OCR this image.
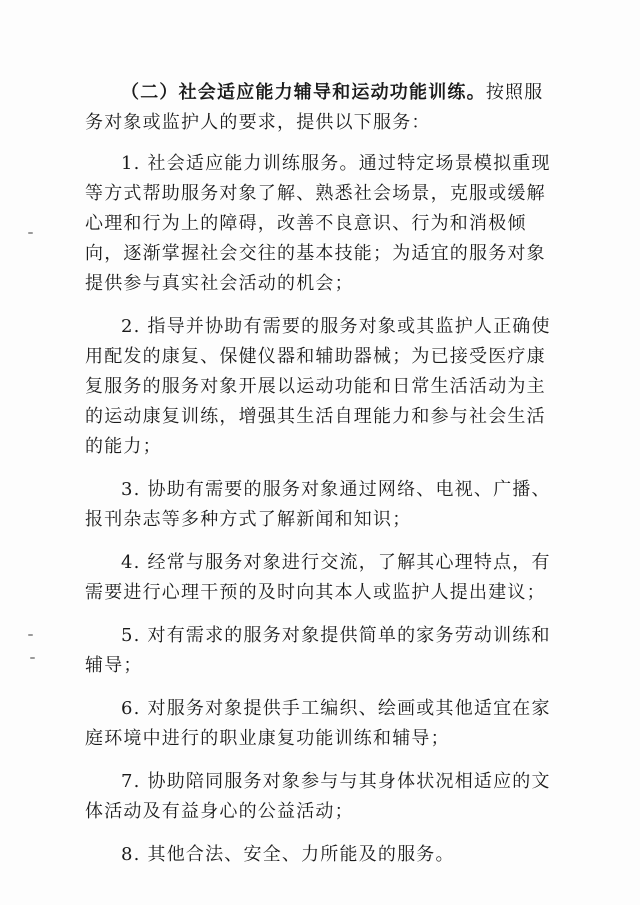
（二）社会适应能力辅导和运动功能训练。按照服务对象或监护人的要求，提供以下服务：

1. 社会适应能力训练服务。通过特定场景模拟重现等方式帮助服务对象了解、熟悉社会场景，克服或缓解心理和行为上的障碍，改善不良意识、行为和消极倾向，逐渐掌握社会交往的基本技能；为适宜的服务对象提供参与真实社会活动的机会；

2. 指导并协助有需要的服务对象或其监护人正确使用配发的康复、保健仪器和辅助器械；为已接受医疗康复服务的服务对象开展以运动功能和日常生活活动为主的运动康复训练，增强其生活自理能力和参与社会生活的能力；

3. 协助有需要的服务对象通过网络、电视、广播、报刊杂志等多种方式了解新闻和知识；

4. 经常与服务对象进行交流，了解其心理特点，有需要进行心理干预的及时向其本人或监护人提出建议；

5. 对有需求的服务对象提供简单的家务劳动训练和辅导；

6. 对服务对象提供手工编织、绘画或其他适宜在家庭环境中进行的职业康复功能训练和辅导；

7. 协助陪同服务对象参与与其身体状况相适应的文体活动及有益身心的公益活动；

8. 其他合法、安全、力所能及的服务。
